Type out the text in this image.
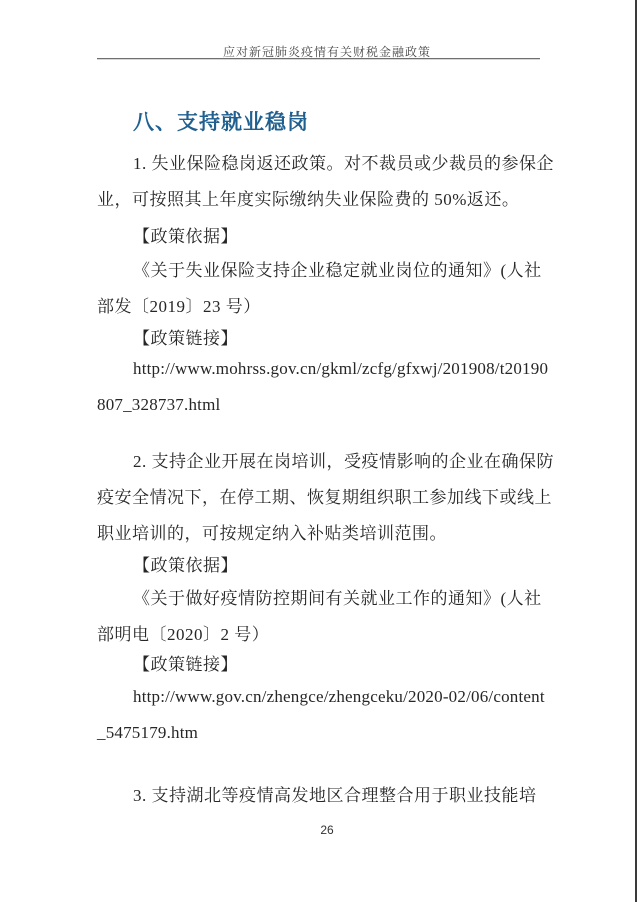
应对新冠肺炎疫情有关财税金融政策
八、支持就业稳岗
1. 失业保险稳岗返还政策。对不裁员或少裁员的参保企
业，可按照其上年度实际缴纳失业保险费的 50%返还。
【政策依据】
《关于失业保险支持企业稳定就业岗位的通知》(人社
部发〔2019〕23 号）
【政策链接】
http://www.mohrss.gov.cn/gkml/zcfg/gfxwj/201908/t20190
807_328737.html
2. 支持企业开展在岗培训，受疫情影响的企业在确保防
疫安全情况下，在停工期、恢复期组织职工参加线下或线上
职业培训的，可按规定纳入补贴类培训范围。
【政策依据】
《关于做好疫情防控期间有关就业工作的通知》(人社
部明电〔2020〕2 号）
【政策链接】
http://www.gov.cn/zhengce/zhengceku/2020-02/06/content
_5475179.htm
3. 支持湖北等疫情高发地区合理整合用于职业技能培
26
